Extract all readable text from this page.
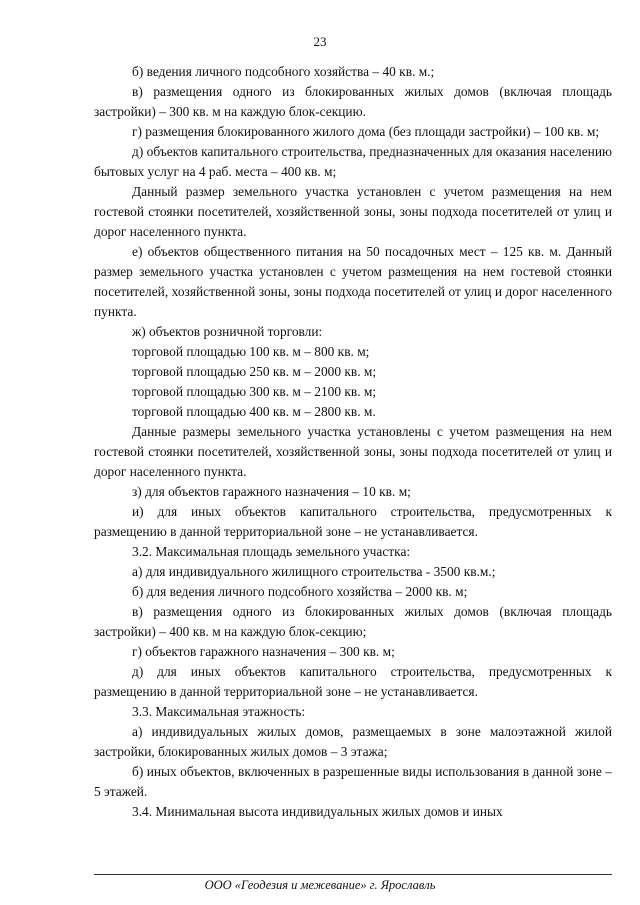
23

б) ведения личного подсобного хозяйства – 40 кв. м.;

в) размещения одного из блокированных жилых домов (включая площадь застройки) – 300 кв. м на каждую блок-секцию.

г) размещения блокированного жилого дома (без площади застройки) – 100 кв. м;

д) объектов капитального строительства, предназначенных для оказания населению бытовых услуг на 4 раб. места – 400 кв. м;

Данный размер земельного участка установлен с учетом размещения на нем гостевой стоянки посетителей, хозяйственной зоны, зоны подхода посетителей от улиц и дорог населенного пункта.

е) объектов общественного питания на 50 посадочных мест – 125 кв. м. Данный размер земельного участка установлен с учетом размещения на нем гостевой стоянки посетителей, хозяйственной зоны, зоны подхода посетителей от улиц и дорог населенного пункта.

ж) объектов розничной торговли:

торговой площадью 100 кв. м – 800 кв. м;

торговой площадью 250 кв. м – 2000 кв. м;

торговой площадью 300 кв. м – 2100 кв. м;

торговой площадью 400 кв. м – 2800 кв. м.

Данные размеры земельного участка установлены с учетом размещения на нем гостевой стоянки посетителей, хозяйственной зоны, зоны подхода посетителей от улиц и дорог населенного пункта.

з) для объектов гаражного назначения – 10 кв. м;

и) для иных объектов капитального строительства, предусмотренных к размещению в данной территориальной зоне – не устанавливается.

3.2. Максимальная площадь земельного участка:

а) для индивидуального жилищного строительства - 3500 кв.м.;

б) для ведения личного подсобного хозяйства – 2000 кв. м;

в) размещения одного из блокированных жилых домов (включая площадь застройки) – 400 кв. м на каждую блок-секцию;

г) объектов гаражного назначения – 300 кв. м;

д) для иных объектов капитального строительства, предусмотренных к размещению в данной территориальной зоне – не устанавливается.

3.3. Максимальная этажность:

а) индивидуальных жилых домов, размещаемых в зоне малоэтажной жилой застройки, блокированных жилых домов – 3 этажа;

б) иных объектов, включенных в разрешенные виды использования в данной зоне – 5 этажей.

3.4. Минимальная высота индивидуальных жилых домов и иных

ООО «Геодезия и межевание» г. Ярославль
